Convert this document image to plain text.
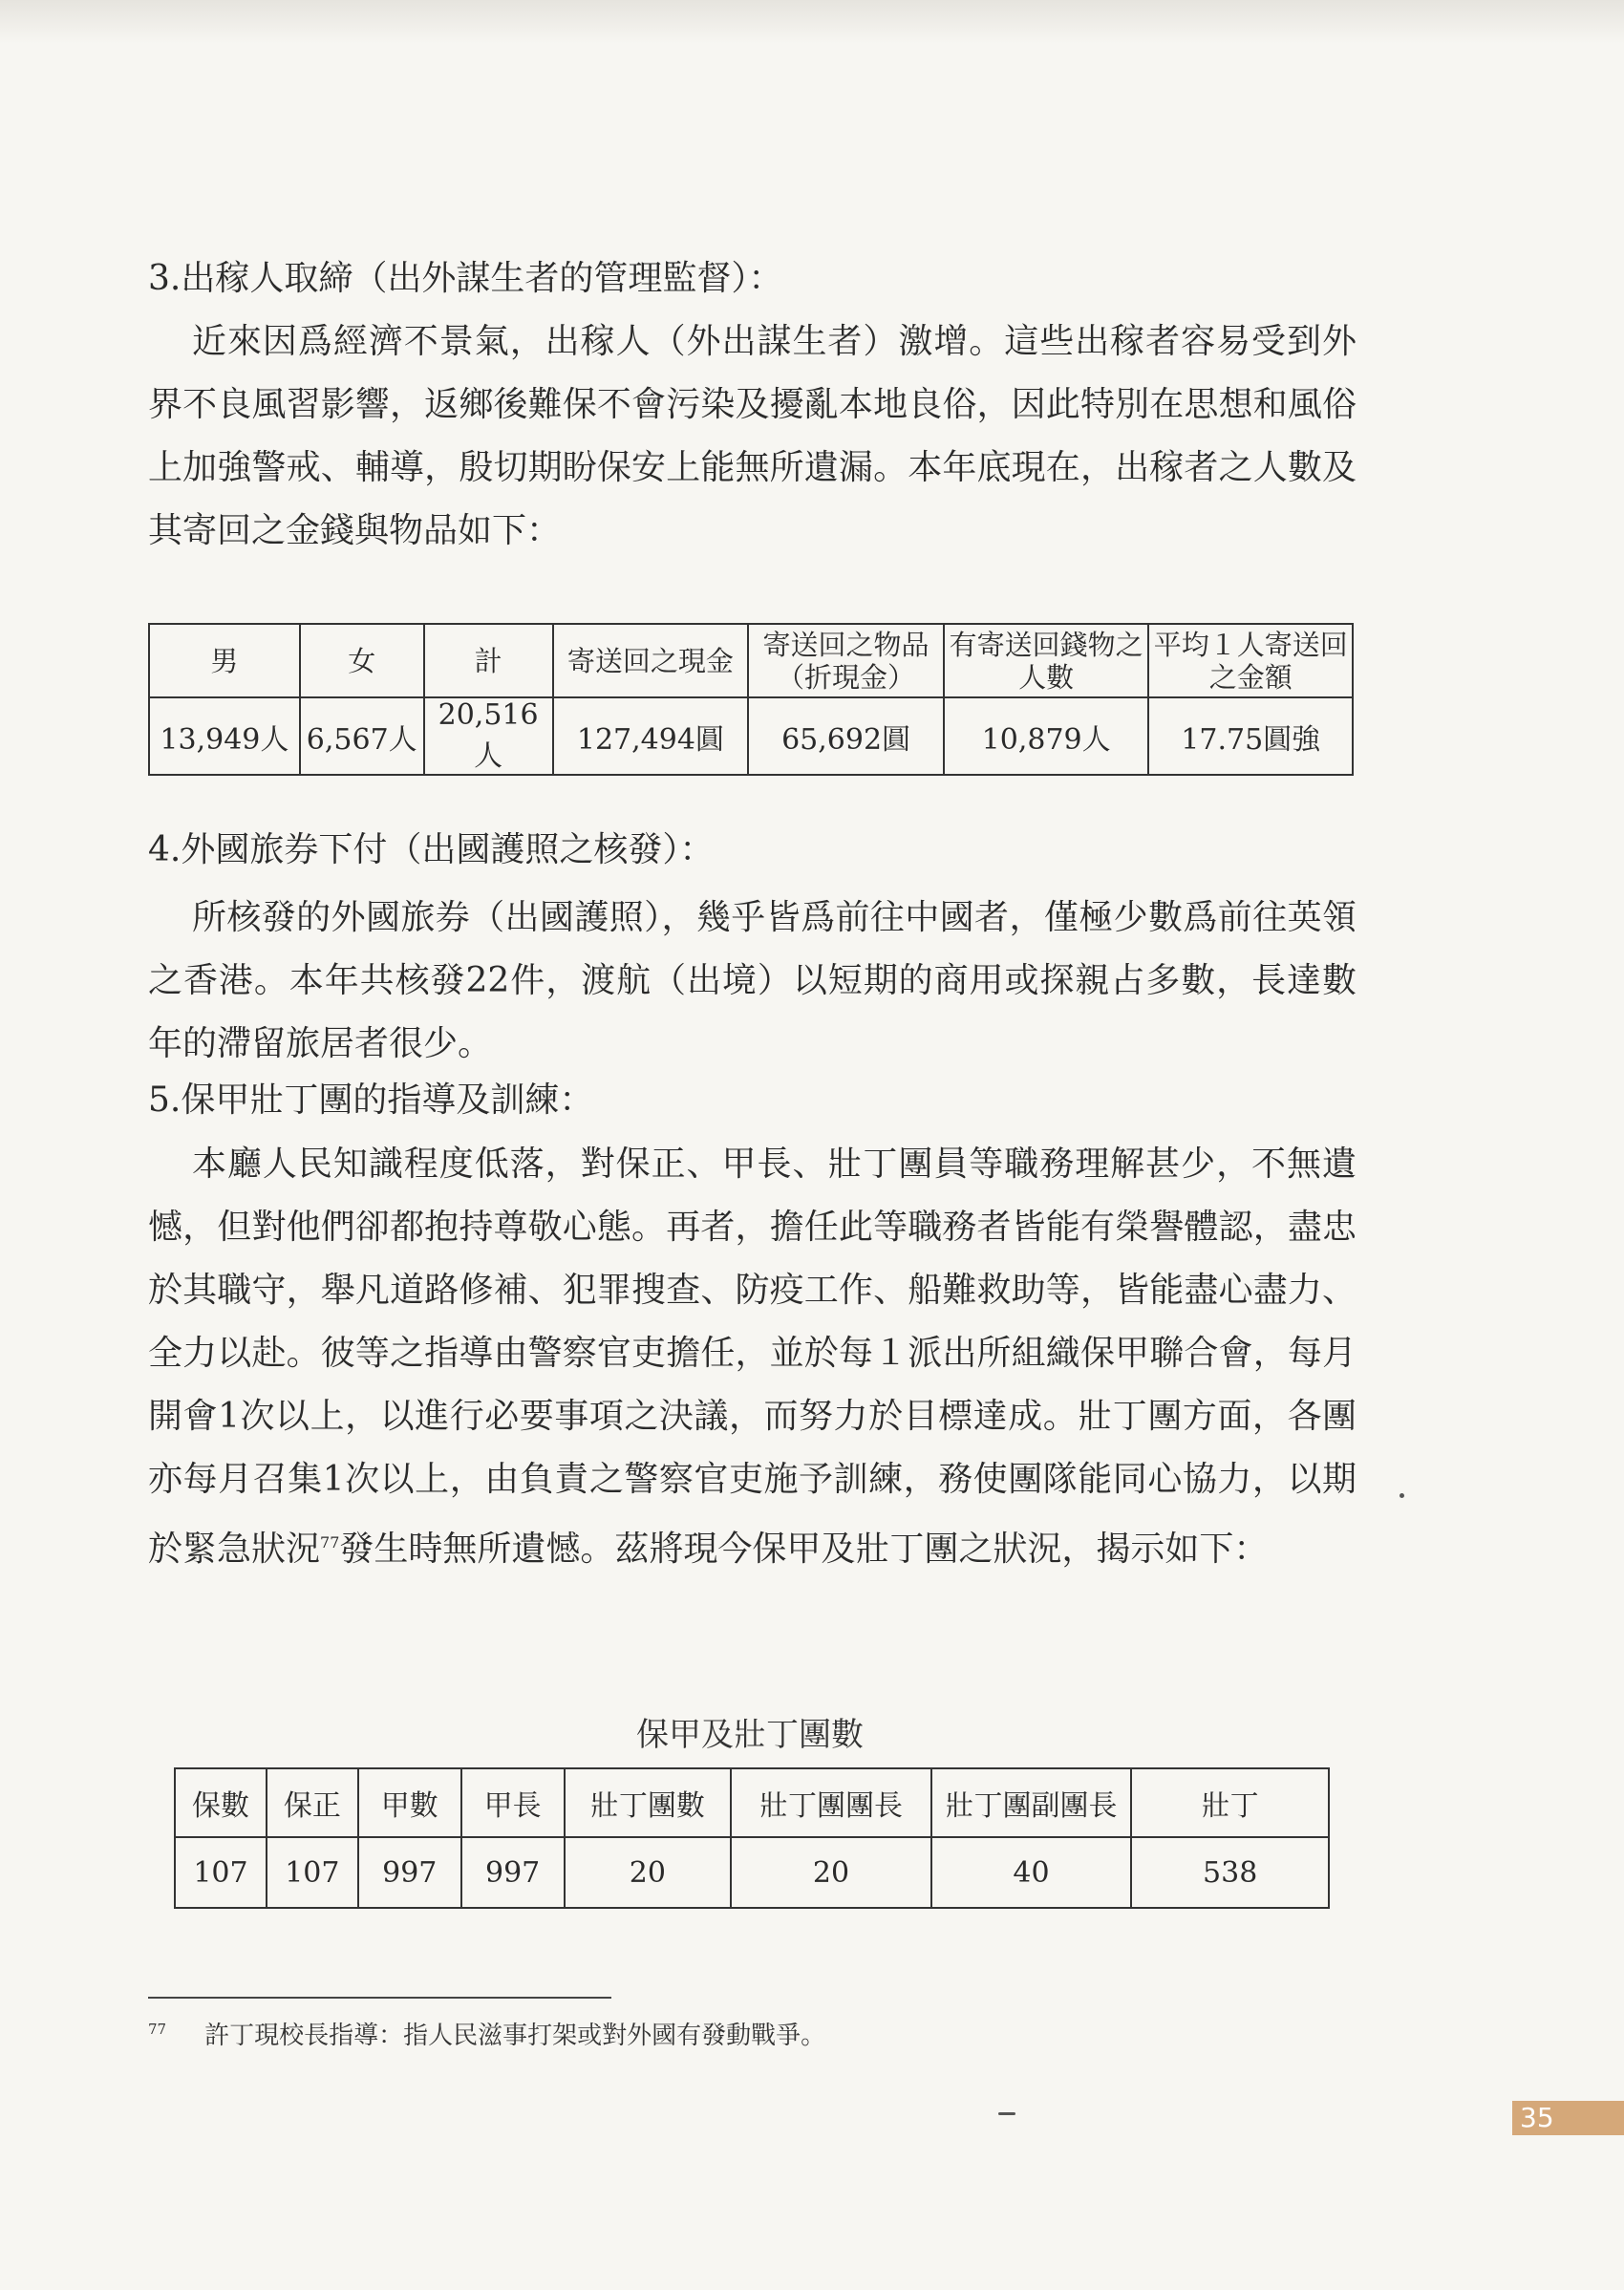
3.出稼人取締（出外謀生者的管理監督）：

近來因爲經濟不景氣，出稼人（外出謀生者）激增。這些出稼者容易受到外界不良風習影響，返鄉後難保不會污染及擾亂本地良俗，因此特別在思想和風俗上加強警戒、輔導，殷切期盼保安上能無所遺漏。本年底現在，出稼者之人數及其寄回之金錢與物品如下：

男	女	計	寄送回之現金	寄送回之物品（折現金）	有寄送回錢物之人數	平均１人寄送回之金額
13,949人	6,567人	20,516人	127,494圓	65,692圓	10,879人	17.75圓強
4.外國旅券下付（出國護照之核發）：

所核發的外國旅券（出國護照），幾乎皆爲前往中國者，僅極少數爲前往英領之香港。本年共核發22件，渡航（出境）以短期的商用或探親占多數，長達數年的滯留旅居者很少。

5.保甲壯丁團的指導及訓練：

本廳人民知識程度低落，對保正、甲長、壯丁團員等職務理解甚少，不無遺憾，但對他們卻都抱持尊敬心態。再者，擔任此等職務者皆能有榮譽體認，盡忠於其職守，舉凡道路修補、犯罪搜查、防疫工作、船難救助等，皆能盡心盡力、全力以赴。彼等之指導由警察官吏擔任，並於每１派出所組織保甲聯合會，每月開會1次以上，以進行必要事項之決議，而努力於目標達成。壯丁團方面，各團亦每月召集1次以上，由負責之警察官吏施予訓練，務使團隊能同心協力，以期於緊急狀況$^{77}$發生時無所遺憾。茲將現今保甲及壯丁團之狀況，揭示如下：

保甲及壯丁團數
保數	保正	甲數	甲長	壯丁團數	壯丁團團長	壯丁團副團長	壯丁
107	107	997	997	20	20	40	538
$^{77}$ 許丁現校長指導：指人民滋事打架或對外國有發動戰爭。
35
